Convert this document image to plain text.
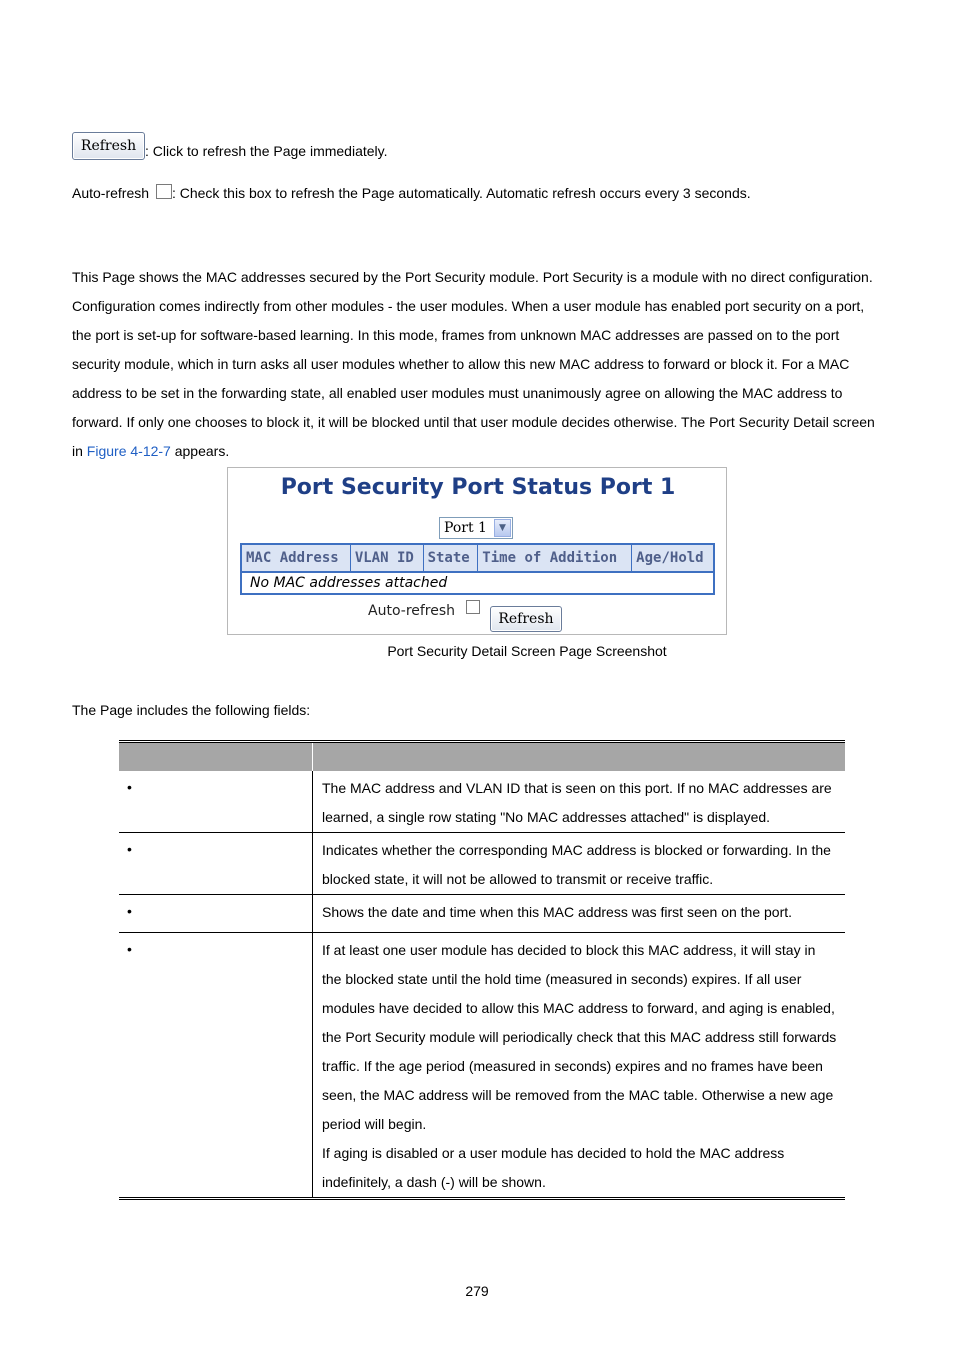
Refresh : Click to refresh the Page immediately.
Auto-refresh : Check this box to refresh the Page automatically. Automatic refresh occurs every 3 seconds.
This Page shows the MAC addresses secured by the Port Security module. Port Security is a module with no direct configuration. Configuration comes indirectly from other modules - the user modules. When a user module has enabled port security on a port, the port is set-up for software-based learning. In this mode, frames from unknown MAC addresses are passed on to the port security module, which in turn asks all user modules whether to allow this new MAC address to forward or block it. For a MAC address to be set in the forwarding state, all enabled user modules must unanimously agree on allowing the MAC address to forward. If only one chooses to block it, it will be blocked until that user module decides otherwise. The Port Security Detail screen in Figure 4-12-7 appears.
Port Security Port Status Port 1
Port 1	▼
MAC Address	VLAN ID	State	Time of Addition	Age/Hold
No MAC addresses attached
Auto-refresh	Refresh
Port Security Detail Screen Page Screenshot
The Page includes the following fields:

•	The MAC address and VLAN ID that is seen on this port. If no MAC addresses are learned, a single row stating "No MAC addresses attached" is displayed.

•	Indicates whether the corresponding MAC address is blocked or forwarding. In the blocked state, it will not be allowed to transmit or receive traffic.

•	Shows the date and time when this MAC address was first seen on the port.

•	If at least one user module has decided to block this MAC address, it will stay in the blocked state until the hold time (measured in seconds) expires. If all user modules have decided to allow this MAC address to forward, and aging is enabled, the Port Security module will periodically check that this MAC address still forwards traffic. If the age period (measured in seconds) expires and no frames have been seen, the MAC address will be removed from the MAC table. Otherwise a new age period will begin.
If aging is disabled or a user module has decided to hold the MAC address indefinitely, a dash (-) will be shown.
279
